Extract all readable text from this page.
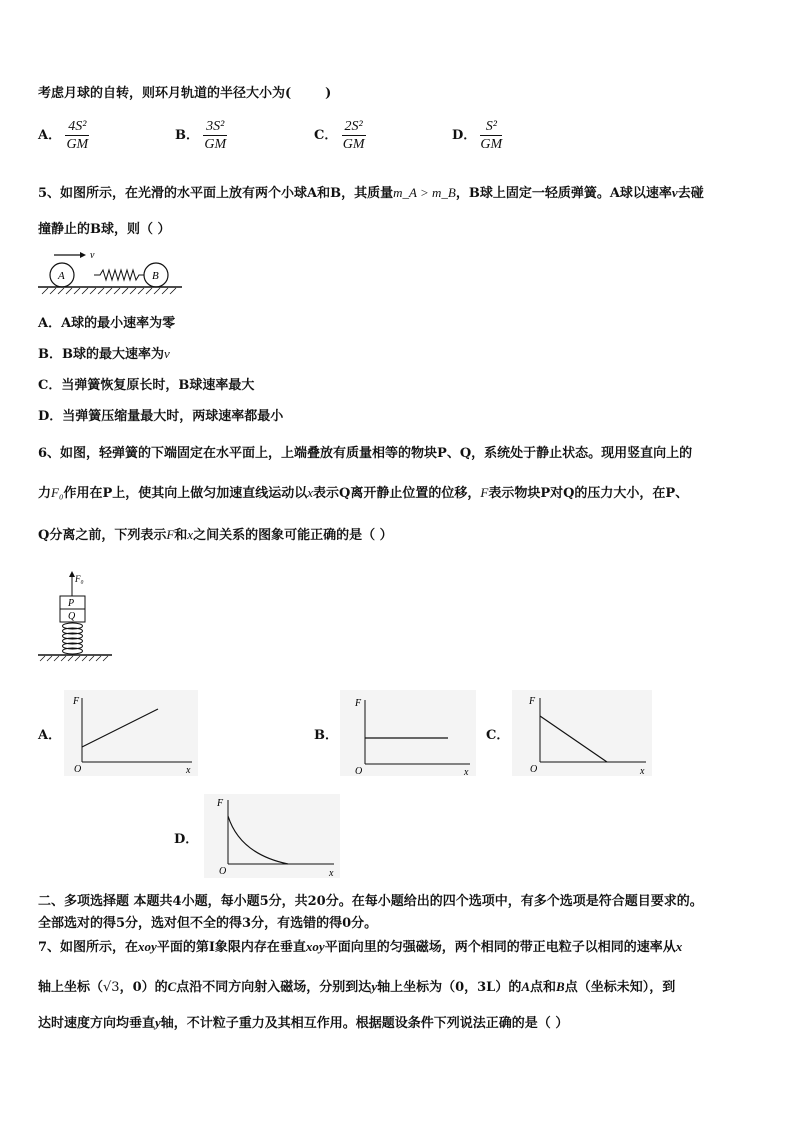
考虑月球的自转，则环月轨道的半径大小为(	)
A． $\frac{\text{4S²}}{GM}$	B． $\frac{\text{3S²}}{GM}$	C． $\frac{\text{2S²}}{GM}$	D． $\frac{\text{S²}}{GM}$
5、如图所示，在光滑的水平面上放有两个小球A和B，其质量m_A > m_B，B球上固定一轻质弹簧。A球以速率v去碰
撞静止的B球，则（ ）
v
A	B
A．A球的最小速率为零
B．B球的最大速率为v
C．当弹簧恢复原长时，B球速率最大
D．当弹簧压缩量最大时，两球速率都最小
6、如图，轻弹簧的下端固定在水平面上，上端叠放有质量相等的物块P、Q，系统处于静止状态。现用竖直向上的
力F₀作用在P上，使其向上做匀加速直线运动以x表示Q离开静止位置的位移，F表示物块P对Q的压力大小，在P、
Q分离之前，下列表示F和x之间关系的图象可能正确的是（ ）
F₀
P
Q
A．
F
O	x
B．
F
O	x
C．
F
O	x
D．
F
O	x
二、多项选择题 本题共4小题，每小题5分，共20分。在每小题给出的四个选项中，有多个选项是符合题目要求的。
全部选对的得5分，选对但不全的得3分，有选错的得0分。
7、如图所示，在xoy平面的第Ⅰ象限内存在垂直xoy平面向里的匀强磁场，两个相同的带正电粒子以相同的速率从x
轴上坐标（√3，0）的C点沿不同方向射入磁场，分别到达y轴上坐标为（0，3L）的A点和B点（坐标未知），到
达时速度方向均垂直y轴，不计粒子重力及其相互作用。根据题设条件下列说法正确的是（ ）
